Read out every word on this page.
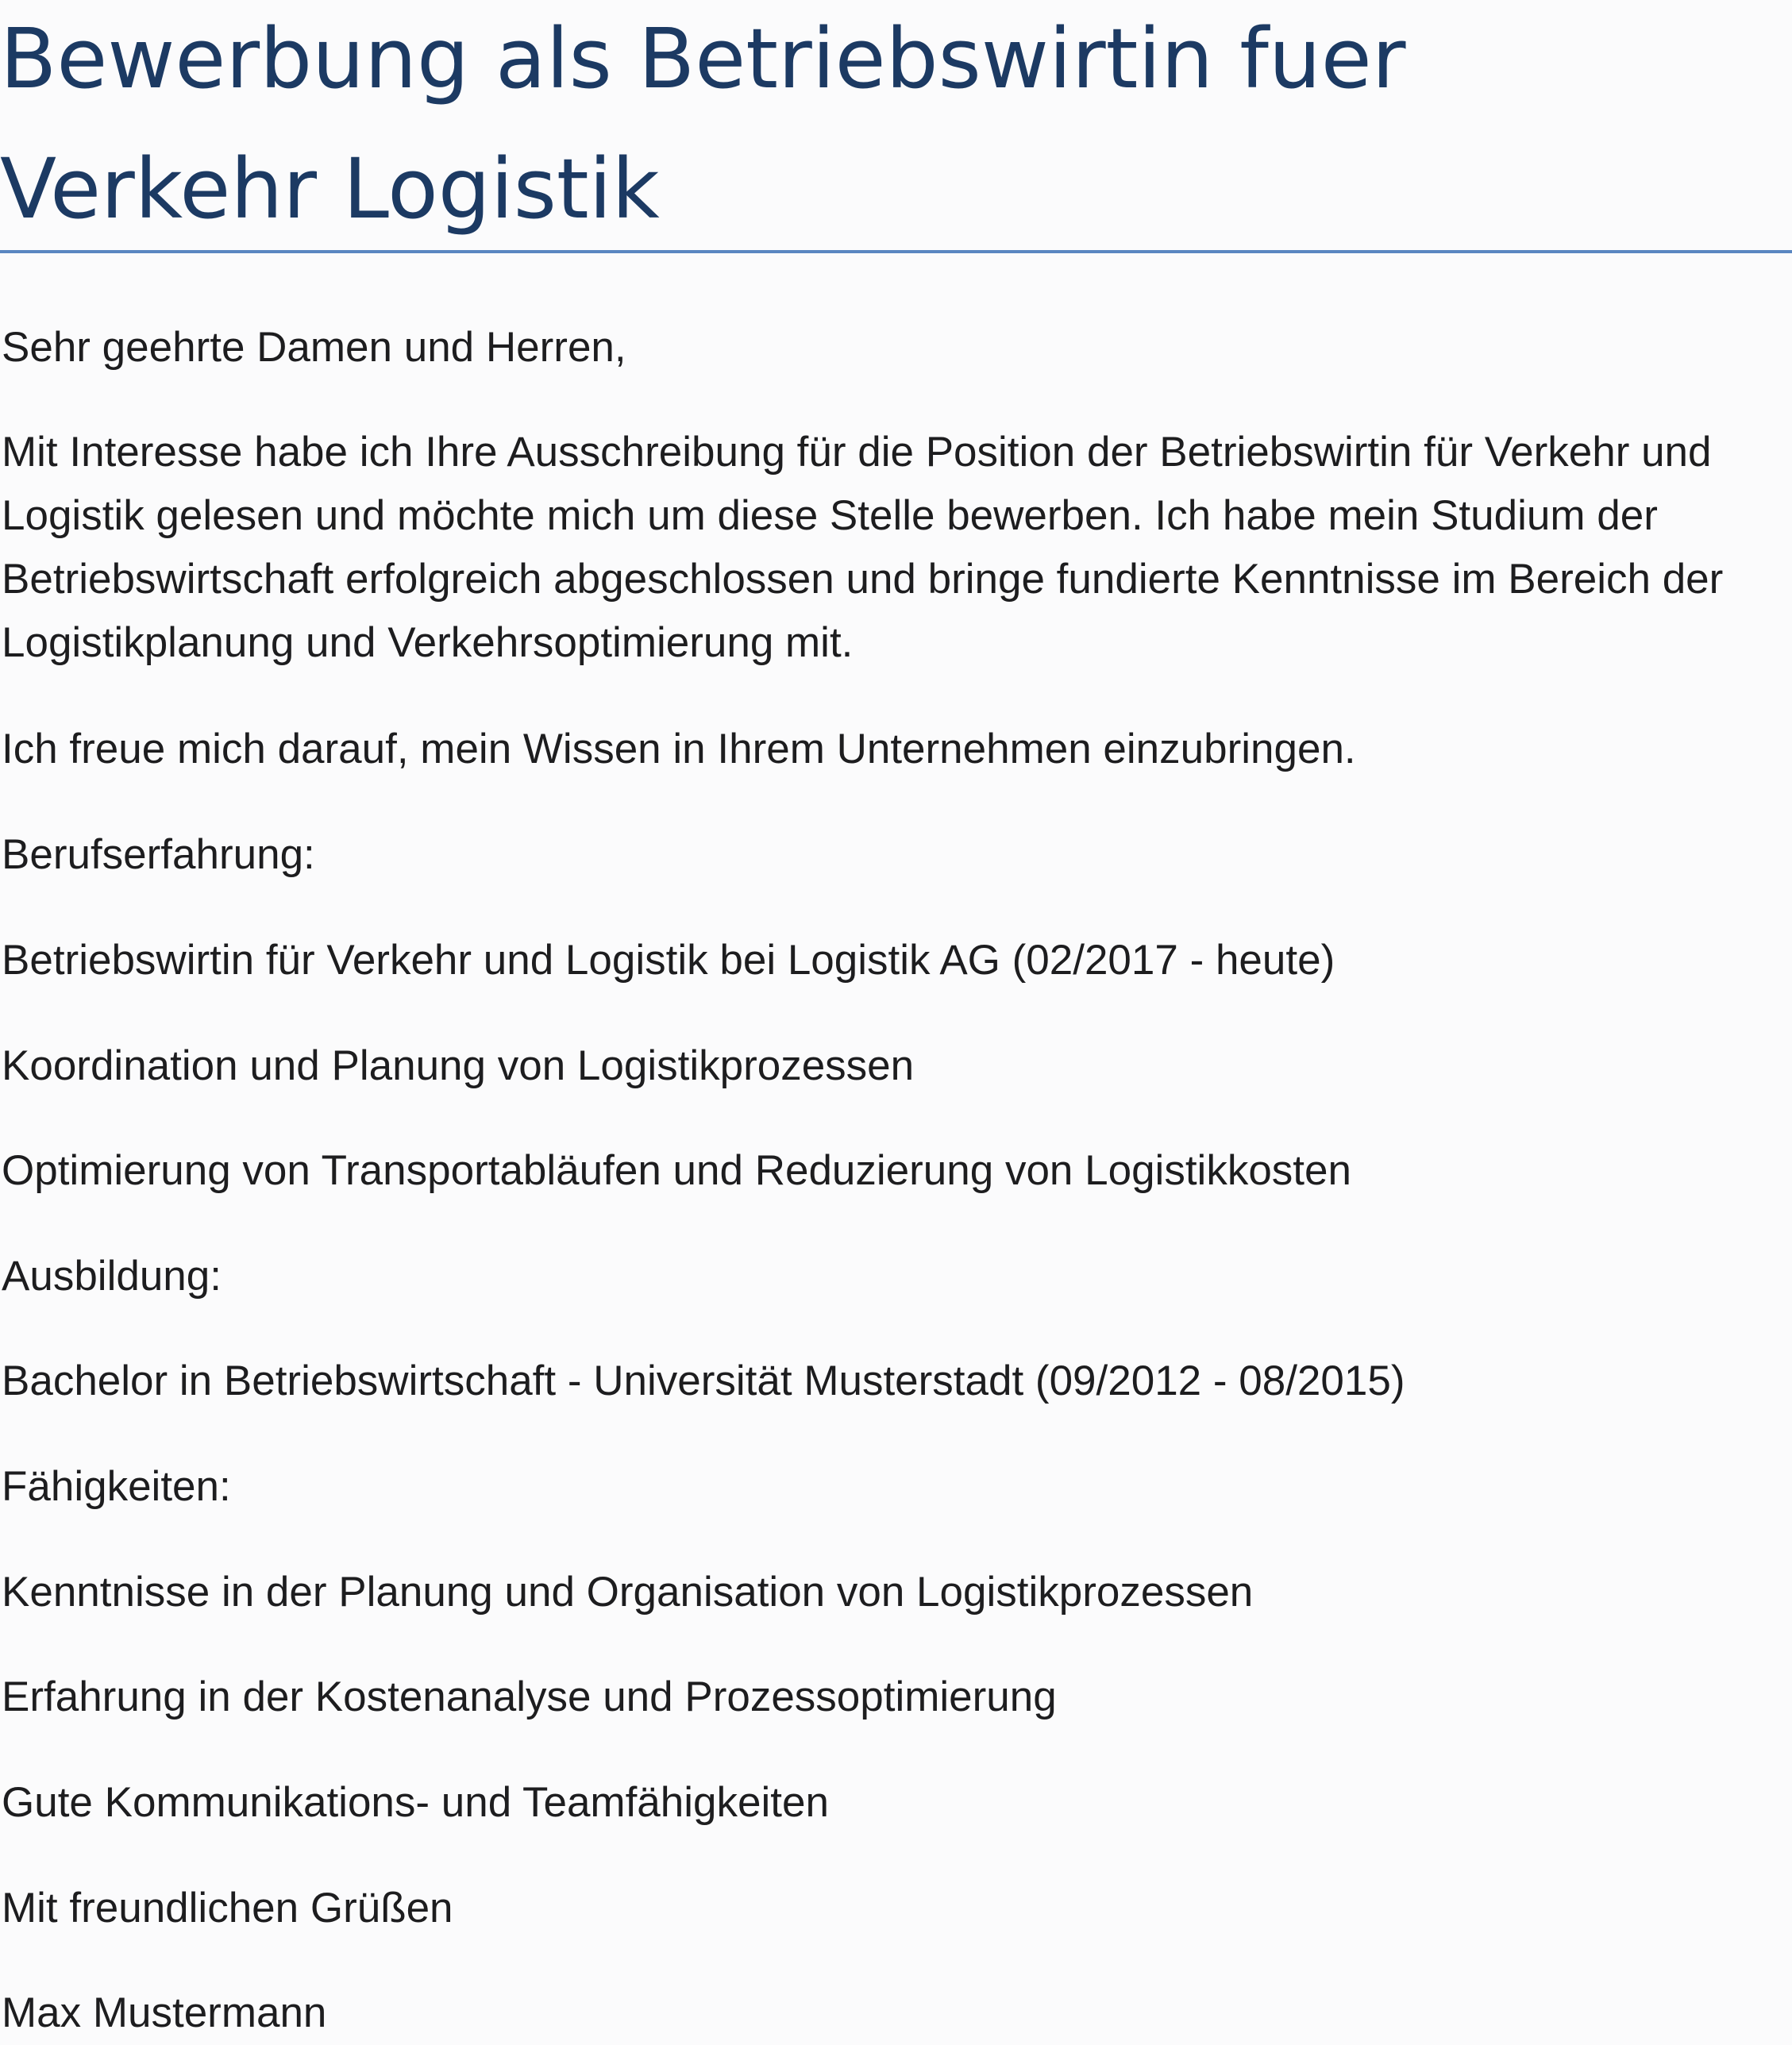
Bewerbung als Betriebswirtin fuer
Verkehr Logistik

Sehr geehrte Damen und Herren,

Mit Interesse habe ich Ihre Ausschreibung für die Position der Betriebswirtin für Verkehr und

Logistik gelesen und möchte mich um diese Stelle bewerben. Ich habe mein Studium der

Betriebswirtschaft erfolgreich abgeschlossen und bringe fundierte Kenntnisse im Bereich der

Logistikplanung und Verkehrsoptimierung mit.

Ich freue mich darauf, mein Wissen in Ihrem Unternehmen einzubringen.

Berufserfahrung:

Betriebswirtin für Verkehr und Logistik bei Logistik AG (02/2017 - heute)

Koordination und Planung von Logistikprozessen

Optimierung von Transportabläufen und Reduzierung von Logistikkosten

Ausbildung:

Bachelor in Betriebswirtschaft - Universität Musterstadt (09/2012 - 08/2015)

Fähigkeiten:

Kenntnisse in der Planung und Organisation von Logistikprozessen

Erfahrung in der Kostenanalyse und Prozessoptimierung

Gute Kommunikations- und Teamfähigkeiten

Mit freundlichen Grüßen

Max Mustermann
